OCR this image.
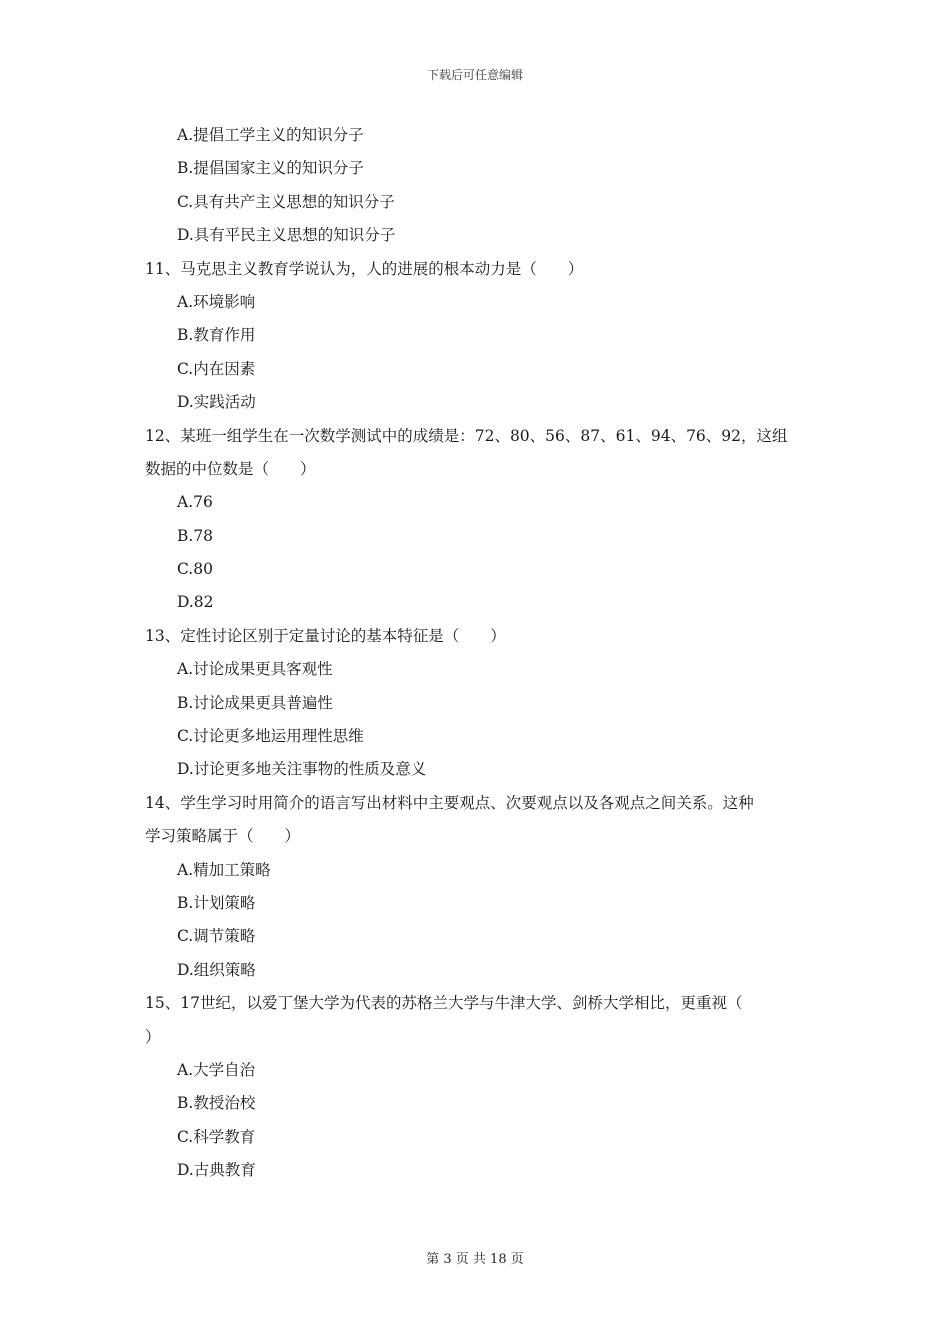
下载后可任意编辑
A.提倡工学主义的知识分子
B.提倡国家主义的知识分子
C.具有共产主义思想的知识分子
D.具有平民主义思想的知识分子
11、马克思主义教育学说认为，人的进展的根本动力是（　　）
A.环境影响
B.教育作用
C.内在因素
D.实践活动
12、某班一组学生在一次数学测试中的成绩是：72、80、56、87、61、94、76、92，这组
数据的中位数是（　　）
A.76
B.78
C.80
D.82
13、定性讨论区别于定量讨论的基本特征是（　　）
A.讨论成果更具客观性
B.讨论成果更具普遍性
C.讨论更多地运用理性思维
D.讨论更多地关注事物的性质及意义
14、学生学习时用简介的语言写出材料中主要观点、次要观点以及各观点之间关系。这种
学习策略属于（　　）
A.精加工策略
B.计划策略
C.调节策略
D.组织策略
15、17世纪，以爱丁堡大学为代表的苏格兰大学与牛津大学、剑桥大学相比，更重视（
）
A.大学自治
B.教授治校
C.科学教育
D.古典教育
第 3 页 共 18 页
